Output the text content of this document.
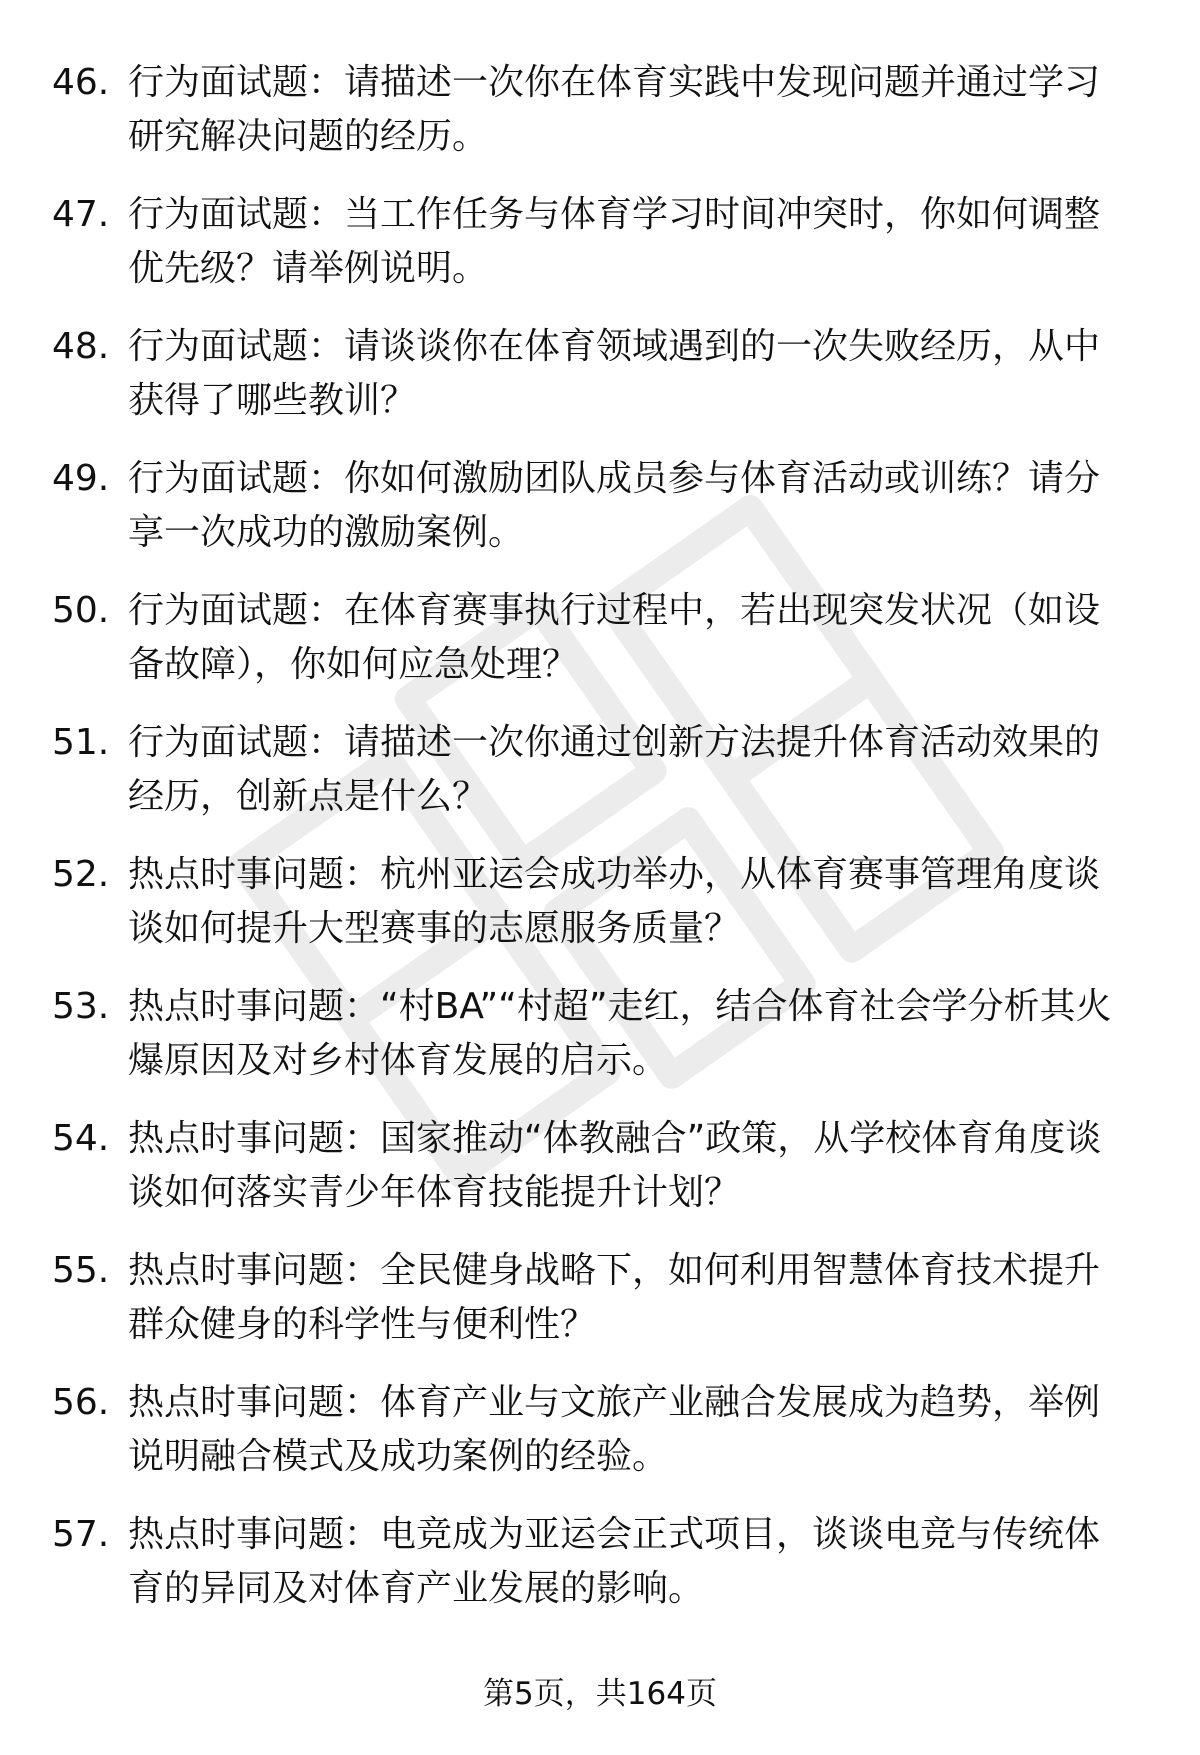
46. 行为面试题：请描述一次你在体育实践中发现问题并通过学习研究解决问题的经历。
47. 行为面试题：当工作任务与体育学习时间冲突时，你如何调整优先级？请举例说明。
48. 行为面试题：请谈谈你在体育领域遇到的一次失败经历，从中获得了哪些教训？
49. 行为面试题：你如何激励团队成员参与体育活动或训练？请分享一次成功的激励案例。
50. 行为面试题：在体育赛事执行过程中，若出现突发状况（如设备故障），你如何应急处理？
51. 行为面试题：请描述一次你通过创新方法提升体育活动效果的经历，创新点是什么？
52. 热点时事问题：杭州亚运会成功举办，从体育赛事管理角度谈谈如何提升大型赛事的志愿服务质量？
53. 热点时事问题：“村BA”“村超”走红，结合体育社会学分析其火爆原因及对乡村体育发展的启示。
54. 热点时事问题：国家推动“体教融合”政策，从学校体育角度谈谈如何落实青少年体育技能提升计划？
55. 热点时事问题：全民健身战略下，如何利用智慧体育技术提升群众健身的科学性与便利性？
56. 热点时事问题：体育产业与文旅产业融合发展成为趋势，举例说明融合模式及成功案例的经验。
57. 热点时事问题：电竞成为亚运会正式项目，谈谈电竞与传统体育的异同及对体育产业发展的影响。
第5页，共164页
